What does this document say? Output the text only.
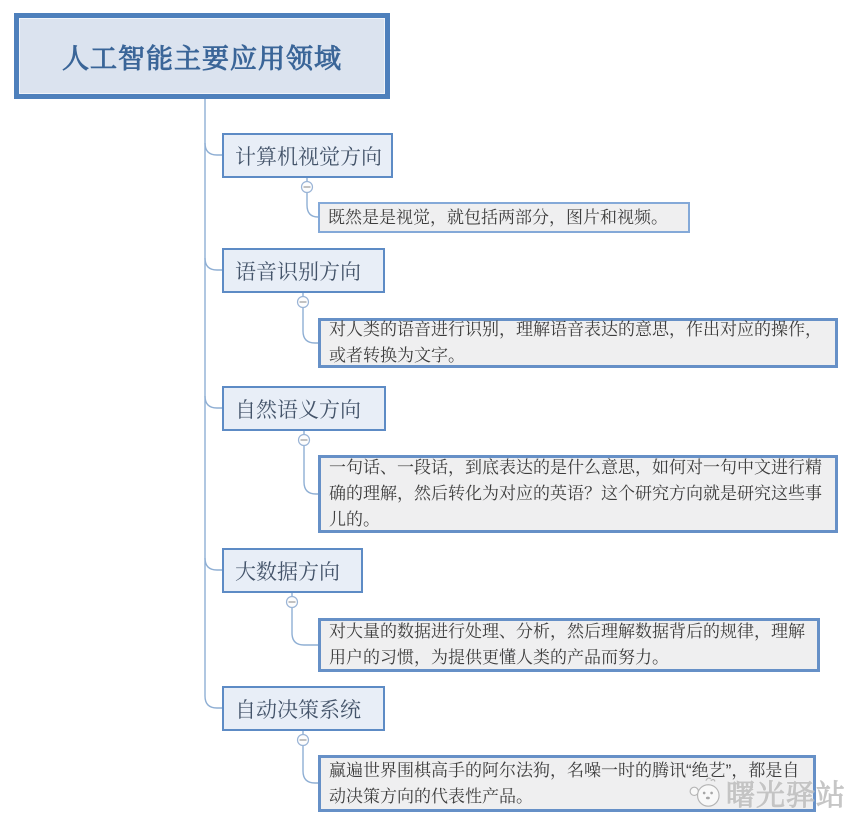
人工智能主要应用领域
计算机视觉方向
语音识别方向
自然语义方向
大数据方向
自动决策系统
既然是是视觉，就包括两部分，图片和视频。
对人类的语音进行识别，理解语音表达的意思，作出对应的操作，或者转换为文字。
一句话、一段话，到底表达的是什么意思，如何对一句中文进行精确的理解，然后转化为对应的英语？这个研究方向就是研究这些事儿的。
对大量的数据进行处理、分析，然后理解数据背后的规律，理解用户的习惯，为提供更懂人类的产品而努力。
赢遍世界围棋高手的阿尔法狗，名噪一时的腾讯“绝艺”，都是自动决策方向的代表性产品。	曙光驿站
